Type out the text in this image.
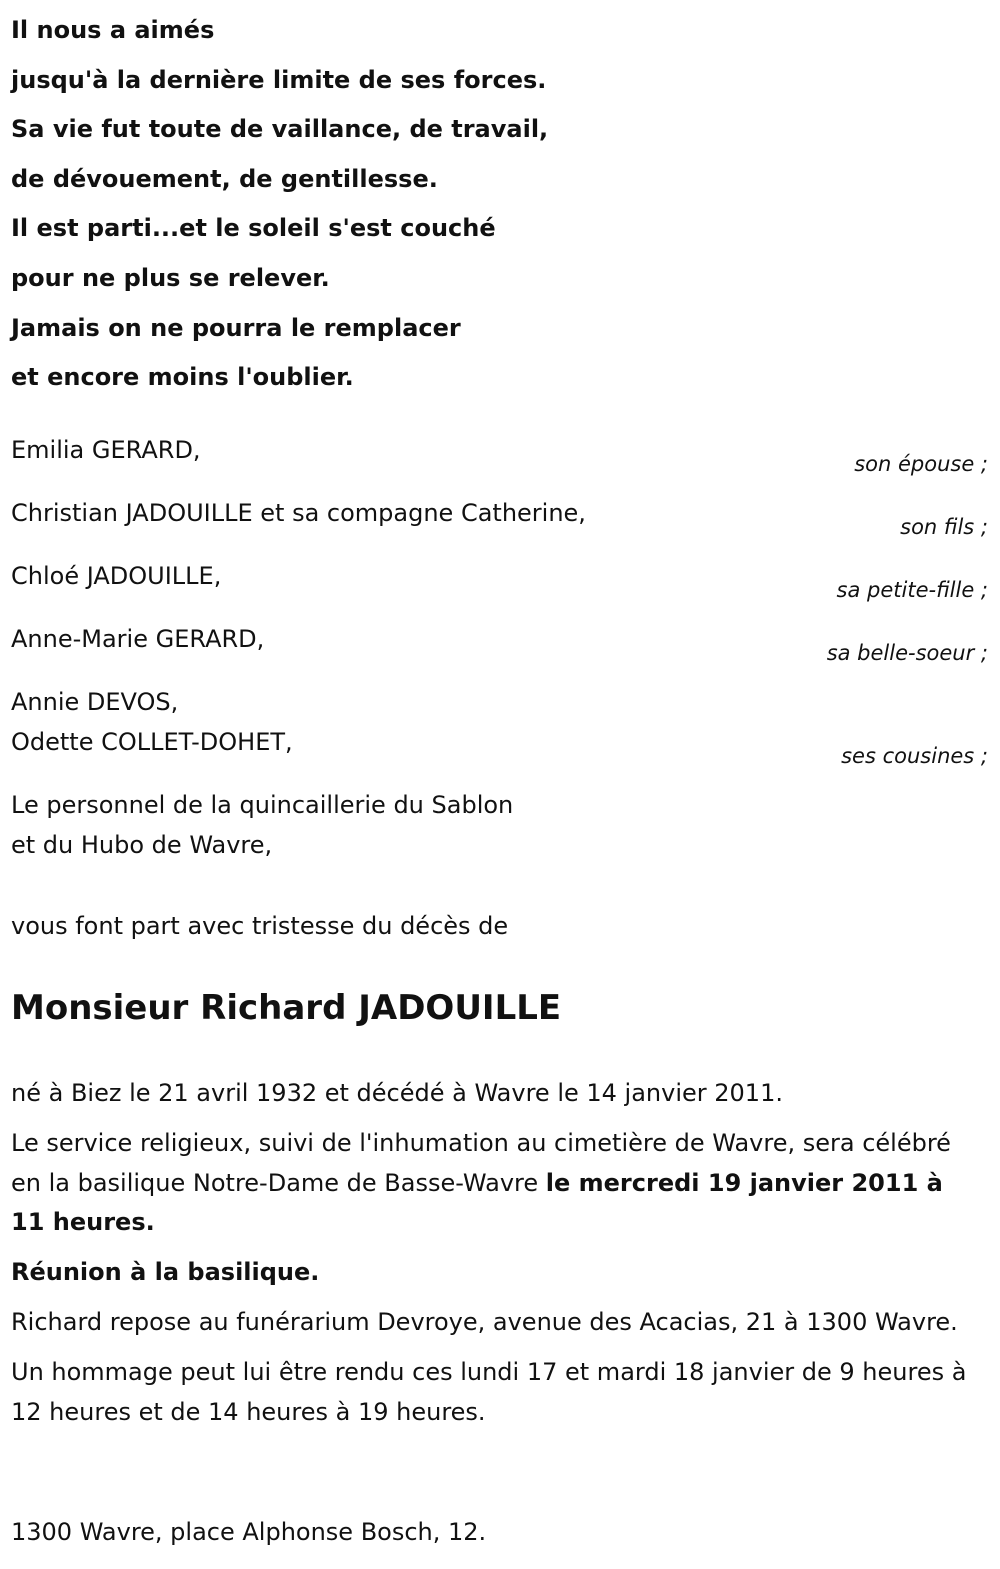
Il nous a aimés
jusqu'à la dernière limite de ses forces.
Sa vie fut toute de vaillance, de travail,
de dévouement, de gentillesse.
Il est parti...et le soleil s'est couché
pour ne plus se relever.
Jamais on ne pourra le remplacer
et encore moins l'oublier.
Emilia GERARD,	son épouse ;
Christian JADOUILLE et sa compagne Catherine,	son fils ;
Chloé JADOUILLE,	sa petite-fille ;
Anne-Marie GERARD,	sa belle-soeur ;
Annie DEVOS,
Odette COLLET-DOHET,	ses cousines ;
Le personnel de la quincaillerie du Sablon
et du Hubo de Wavre,
vous font part avec tristesse du décès de
Monsieur Richard JADOUILLE

né à Biez le 21 avril 1932 et décédé à Wavre le 14 janvier 2011.

Le service religieux, suivi de l'inhumation au cimetière de Wavre, sera célébré en la basilique Notre-Dame de Basse-Wavre le mercredi 19 janvier 2011 à 11 heures.

Réunion à la basilique.

Richard repose au funérarium Devroye, avenue des Acacias, 21 à 1300 Wavre.

Un hommage peut lui être rendu ces lundi 17 et mardi 18 janvier de 9 heures à 12 heures et de 14 heures à 19 heures.

1300 Wavre, place Alphonse Bosch, 12.
